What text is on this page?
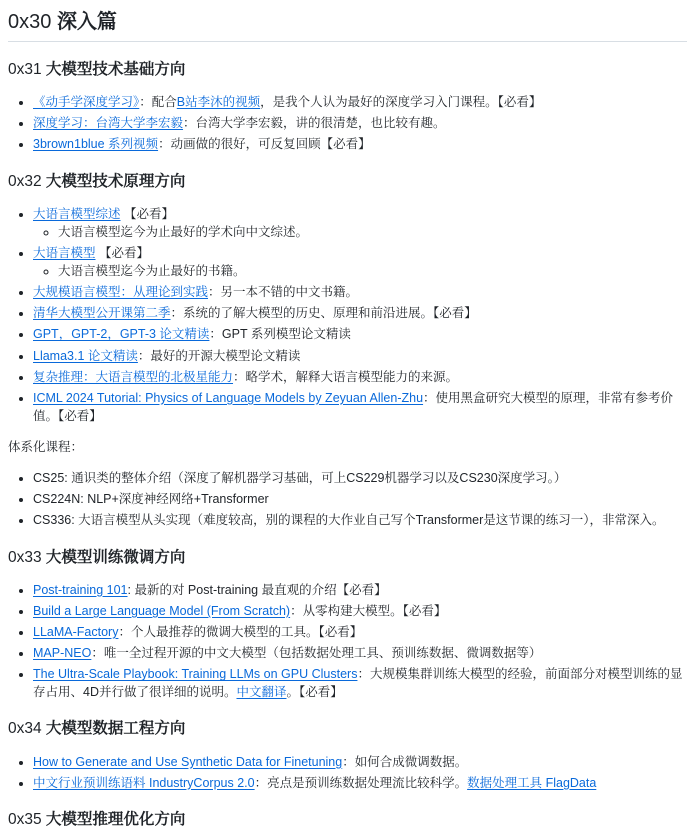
0x30 深入篇
0x31 大模型技术基础方向
• 《动手学深度学习》：配合B站李沐的视频，是我个人认为最好的深度学习入门课程。【必看】
• 深度学习：台湾大学李宏毅：台湾大学李宏毅，讲的很清楚，也比较有趣。
• 3brown1blue 系列视频：动画做的很好，可反复回顾【必看】
0x32 大模型技术原理方向
• 大语言模型综述 【必看】
◦ 大语言模型迄今为止最好的学术向中文综述。
• 大语言模型 【必看】
◦ 大语言模型迄今为止最好的书籍。
• 大规模语言模型：从理论到实践：另一本不错的中文书籍。
• 清华大模型公开课第二季：系统的了解大模型的历史、原理和前沿进展。【必看】
• GPT，GPT-2，GPT-3 论文精读：GPT 系列模型论文精读
• Llama3.1 论文精读：最好的开源大模型论文精读
• 复杂推理：大语言模型的北极星能力：略学术，解释大语言模型能力的来源。
• ICML 2024 Tutorial: Physics of Language Models by Zeyuan Allen-Zhu：使用黑盒研究大模型的原理，非常有参考价值。【必看】

体系化课程：

• CS25: 通识类的整体介绍（深度了解机器学习基础，可上CS229机器学习以及CS230深度学习。）
• CS224N: NLP+深度神经网络+Transformer
• CS336: 大语言模型从头实现（难度较高，别的课程的大作业自己写个Transformer是这节课的练习一），非常深入。
0x33 大模型训练微调方向
• Post-training 101: 最新的对 Post-training 最直观的介绍【必看】
• Build a Large Language Model (From Scratch)：从零构建大模型。【必看】
• LLaMA-Factory：个人最推荐的微调大模型的工具。【必看】
• MAP-NEO：唯一全过程开源的中文大模型（包括数据处理工具、预训练数据、微调数据等）
• The Ultra-Scale Playbook: Training LLMs on GPU Clusters：大规模集群训练大模型的经验，前面部分对模型训练的显存占用、4D并行做了很详细的说明。中文翻译。【必看】
0x34 大模型数据工程方向
• How to Generate and Use Synthetic Data for Finetuning：如何合成微调数据。
• 中文行业预训练语料 IndustryCorpus 2.0：亮点是预训练数据处理流比较科学。数据处理工具 FlagData
0x35 大模型推理优化方向
